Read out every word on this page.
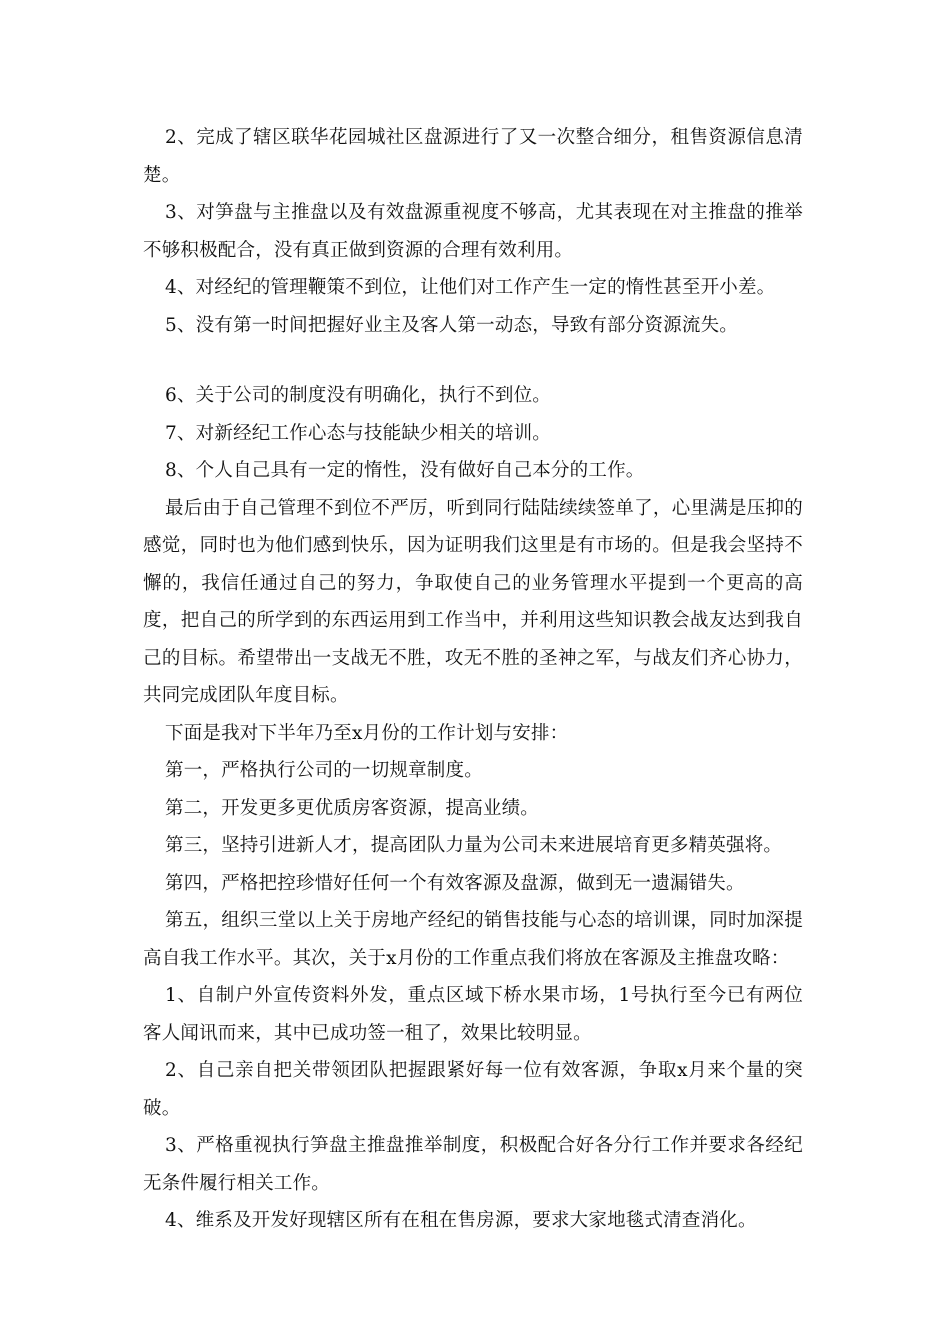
2、完成了辖区联华花园城社区盘源进行了又一次整合细分，租售资源信息清楚。

3、对笋盘与主推盘以及有效盘源重视度不够高，尤其表现在对主推盘的推举不够积极配合，没有真正做到资源的合理有效利用。

4、对经纪的管理鞭策不到位，让他们对工作产生一定的惰性甚至开小差。

5、没有第一时间把握好业主及客人第一动态，导致有部分资源流失。

6、关于公司的制度没有明确化，执行不到位。

7、对新经纪工作心态与技能缺少相关的培训。

8、个人自己具有一定的惰性，没有做好自己本分的工作。

最后由于自己管理不到位不严厉，听到同行陆陆续续签单了，心里满是压抑的感觉，同时也为他们感到快乐，因为证明我们这里是有市场的。但是我会坚持不懈的，我信任通过自己的努力，争取使自己的业务管理水平提到一个更高的高度，把自己的所学到的东西运用到工作当中，并利用这些知识教会战友达到我自己的目标。希望带出一支战无不胜，攻无不胜的圣神之军，与战友们齐心协力，共同完成团队年度目标。

下面是我对下半年乃至x月份的工作计划与安排：

第一，严格执行公司的一切规章制度。

第二，开发更多更优质房客资源，提高业绩。

第三，坚持引进新人才，提高团队力量为公司未来进展培育更多精英强将。

第四，严格把控珍惜好任何一个有效客源及盘源，做到无一遗漏错失。

第五，组织三堂以上关于房地产经纪的销售技能与心态的培训课，同时加深提高自我工作水平。其次，关于x月份的工作重点我们将放在客源及主推盘攻略：

1、自制户外宣传资料外发，重点区域下桥水果市场，1号执行至今已有两位客人闻讯而来，其中已成功签一租了，效果比较明显。

2、自己亲自把关带领团队把握跟紧好每一位有效客源，争取x月来个量的突破。

3、严格重视执行笋盘主推盘推举制度，积极配合好各分行工作并要求各经纪无条件履行相关工作。

4、维系及开发好现辖区所有在租在售房源，要求大家地毯式清查消化。
